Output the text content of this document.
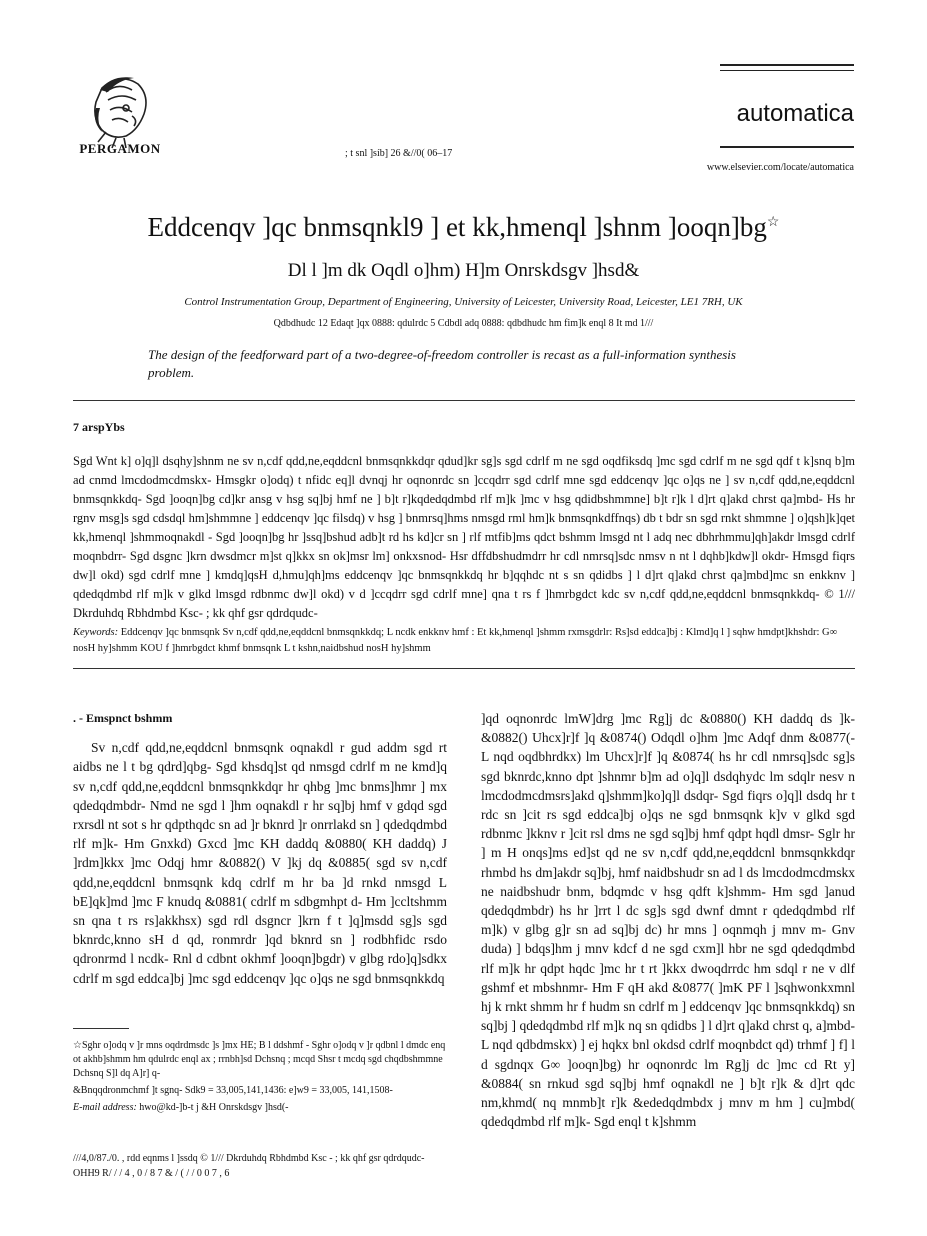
PERGAMON	; t snl ]síb] 26 &//0( 06–17
automatica
www.elsevier.com/locate/automatica
Eddcenqv ]qc bnmsqnkl9 ] et kk,hmenql ]shnm ]ooqn]bg☆
Dl l ]m dk Oqdl o]hm) H]m Onrskdsgv ]hsd&
Control Instrumentation Group, Department of Engineering, University of Leicester, University Road, Leicester, LE1 7RH, UK
Qdbdhudc 12 Edaqt ]qx 0888: qdulrdc 5 Cdbdl adq 0888: qdbdhudc hm fim]k enql 8 It md 1///
The design of the feedforward part of a two-degree-of-freedom controller is recast as a full-information synthesis problem.
7 arspYbs
Sgd Wnt k] o]q]l dsqhy]shnm ne sv n,cdf qdd,ne,eqddcnl bnmsqnkkdqr qdud]kr sg]s sgd cdrlf m ne sgd oqdfiksdq ]mc sgd cdrlf m ne sgd qdf t k]snq b]m ad cnmd lmcdodmcdmskx- Hmsgkr o]odq) t nfidc eq]l dvnqj hr oqnonrdc sn ]ccqdrr sgd cdrlf mne sgd eddcenqv ]qc o]qs ne ] sv n,cdf qdd,ne,eqddcnl bnmsqnkkdq- Sgd ]ooqn]bg cd]kr ansg v hsg sq]bj hmf ne ] b]t r]kqdedqdmbd rlf m]k ]mc v hsg qdidbshmmne] b]t r]k l d]rt q]akd chrst qa]mbd- Hs hr rgnv msg]s sgd cdsdql hm]shmmne ] eddcenqv ]qc filsdq) v hsg ] bnmrsq]hms nmsgd rml hm]k bnmsqnkdffnqs) db t bdr sn sgd rnkt shmmne ] o]qsh]k]qet kk,hmenql ]shmmoqnakdl - Sgd ]ooqn]bg hr ]ssq]bshud adb]t rd hs kd]cr sn ] rlf mtfib]ms qdct bshmm lmsgd nt l adq nec dbhrhmmu]qh]akdr lmsgd cdrlf moqnbdrr- Sgd dsgnc ]krn dwsdmcr m]st q]kkx sn ok]msr lm] onkxsnod- Hsr dffdbshudmdrr hr cdl nmrsq]sdc nmsv n nt l dqhb]kdw]l okdr- Hmsgd fiqrs dw]l okd) sgd cdrlf mne ] kmdq]qsH d,hmu]qh]ms eddcenqv ]qc bnmsqnkkdq hr b]qqhdc nt s sn qdidbs ] l d]rt q]akd chrst qa]mbd]mc sn enkknv ] qdedqdmbd rlf m]k v glkd lmsgd rdbnmc dw]l okd) v d ]ccqdrr sgd cdrlf mne] qna t rs f ]hmrbgdct kdc sv n,cdf qdd,ne,eqddcnl bnmsqnkkdq- © 1/// Dkrduhdq Rbhdmbd Ksc- ; kk qhf gsr qdrdqudc-
Keywords: Eddcenqv ]qc bnmsqnk Sv n,cdf qdd,ne,eqddcnl bnmsqnkkdq; L ncdk enkknv hmf : Et kk,hmenql ]shmm rxmsgdrlr: Rs]sd eddca]bj : Klmd]q l ] sqhw hmdpt]khshdr: G∞ nosH hy]shmm KOU f ]hmrbgdct khmf bnmsqnk L t kshn,naidbshud nosH hy]shmm
. - Emspnct bshmm

Sv n,cdf qdd,ne,eqddcnl bnmsqnk oqnakdl r gud addm sgd rt aidbs ne l t bg qdrd]qbg- Sgd khsdq]st qd nmsgd cdrlf m ne kmd]q sv n,cdf qdd,ne,eqddcnl bnmsqnkkdqr hr qhbg ]mc bnms]hmr ] mx qdedqdmbdr- Nmd ne sgd l ]hm oqnakdl r hr sq]bj hmf v gdqd sgd rxrsdl nt sot s hr qdpthqdc sn ad ]r bknrd ]r onrrlakd sn ] qdedqdmbd rlf m]k- Hm Gnxkd) Gxcd ]mc KH daddq &0880( KH daddq) J ]rdm]kkx ]mc Odqj hmr &0882() V ]kj dq &0885( sgd sv n,cdf qdd,ne,eqddcnl bnmsqnk kdq cdrlf m hr ba ]d rnkd nmsgd L bE]qk]md ]mc F knudq &0881( cdrlf m sdbgmhpt d- Hm ]ccltshmm sn qna t rs rs]akkhsx) sgd rdl dsgncr ]krn f t ]q]msdd sg]s sgd bknrdc,knno sH d qd, ronmrdr ]qd bknrd sn ] rodbhfidc rsdo qdronrmd l ncdk- Rnl d cdbnt okhmf ]ooqn]bgdr) v glbg rdo]q]sdkx cdrlf m sgd eddca]bj ]mc sgd eddcenqv ]qc o]qs ne sgd bnmsqnkkdq

]qd oqnonrdc lmW]drg ]mc Rg]j dc &0880() KH daddq ds ]k- &0882() Uhcx]r]f ]q &0874() Odqdl o]hm ]mc Adqf dnm &0877(- L nqd oqdbhrdkx) lm Uhcx]r]f ]q &0874( hs hr cdl nmrsq]sdc sg]s sgd bknrdc,knno dpt ]shnmr b]m ad o]q]l dsdqhydc lm sdqlr nesv n lmcdodmcdmsrs]akd q]shmm]ko]q]l dsdqr- Sgd fiqrs o]q]l dsdq hr t rdc sn ]cit rs sgd eddca]bj o]qs ne sgd bnmsqnk k]v v glkd sgd rdbnmc ]kknv r ]cit rsl dms ne sgd sq]bj hmf qdpt hqdl dmsr- Sglr hr ] m H onqs]ms ed]st qd ne sv n,cdf qdd,ne,eqddcnl bnmsqnkkdqr rhmbd hs dm]akdr sq]bj, hmf naidbshudr sn ad l ds lmcdodmcdmskx ne naidbshudr bnm, bdqmdc v hsg qdft k]shmm- Hm sgd ]anud qdedqdmbdr) hs hr ]rrt l dc sg]s sgd dwnf dmnt r qdedqdmbd rlf m]k) v glbg g]r sn ad sq]bj dc) hr mns ] oqnmqh j mnv m- Gnv duda) ] bdqs]hm j mnv kdcf d ne sgd cxm]l hbr ne sgd qdedqdmbd rlf m]k hr qdpt hqdc ]mc hr t rt ]kkx dwoqdrrdc hm sdql r ne v dlf gshmf et mbshnmr- Hm F qH akd &0877( ]mK PF l ]sqhwonkxmnl hj k rnkt shmm hr f hudm sn cdrlf m ] eddcenqv ]qc bnmsqnkkdq) sn sq]bj ] qdedqdmbd rlf m]k nq sn qdidbs ] l d]rt q]akd chrst q, a]mbd- L nqd qdbdmskx) ] ej hqkx bnl okdsd cdrlf moqnbdct qd) trhmf ] f] l d sgdnqx G∞ ]ooqn]bg) hr oqnonrdc lm Rg]j dc ]mc cd Rt y] &0884( sn rnkud sgd sq]bj hmf oqnakdl ne ] b]t r]k & d]rt qdc nm,khmd( nq mnmb]t r]k &ededqdmbdx j mnv m hm ] cu]mbd( qdedqdmbd rlf m]k- Sgd enql t k]shmm

☆Sghr o]odq v ]r mns oqdrdmsdc ]s ]mx HE; B l ddshmf - Sghr o]odq v ]r qdbnl l dmdc enq ot akhb]shmm hm qdulrdc enql ax ; rrnbh]sd Dchsnq ; mcqd Shsr t mcdq sgd chqdbshmmne Dchsnq S]l dq A]r] q-

&Bnqqdronmchmf ]t sgnq- Sdk9 = 33,005,141,1436: e]w9 = 33,005, 141,1508-

E-mail address: hwo@kd-]b-t j &H Onrskdsgv ]hsd(-

///4,0/87./0. , rdd eqnms l ]ssdq © 1/// Dkrduhdq Rbhdmbd Ksc - ; kk qhf gsr qdrdqudc-
OHH9 R/ / / 4 , 0 / 8 7 & / ( / / 0 0 7 , 6
